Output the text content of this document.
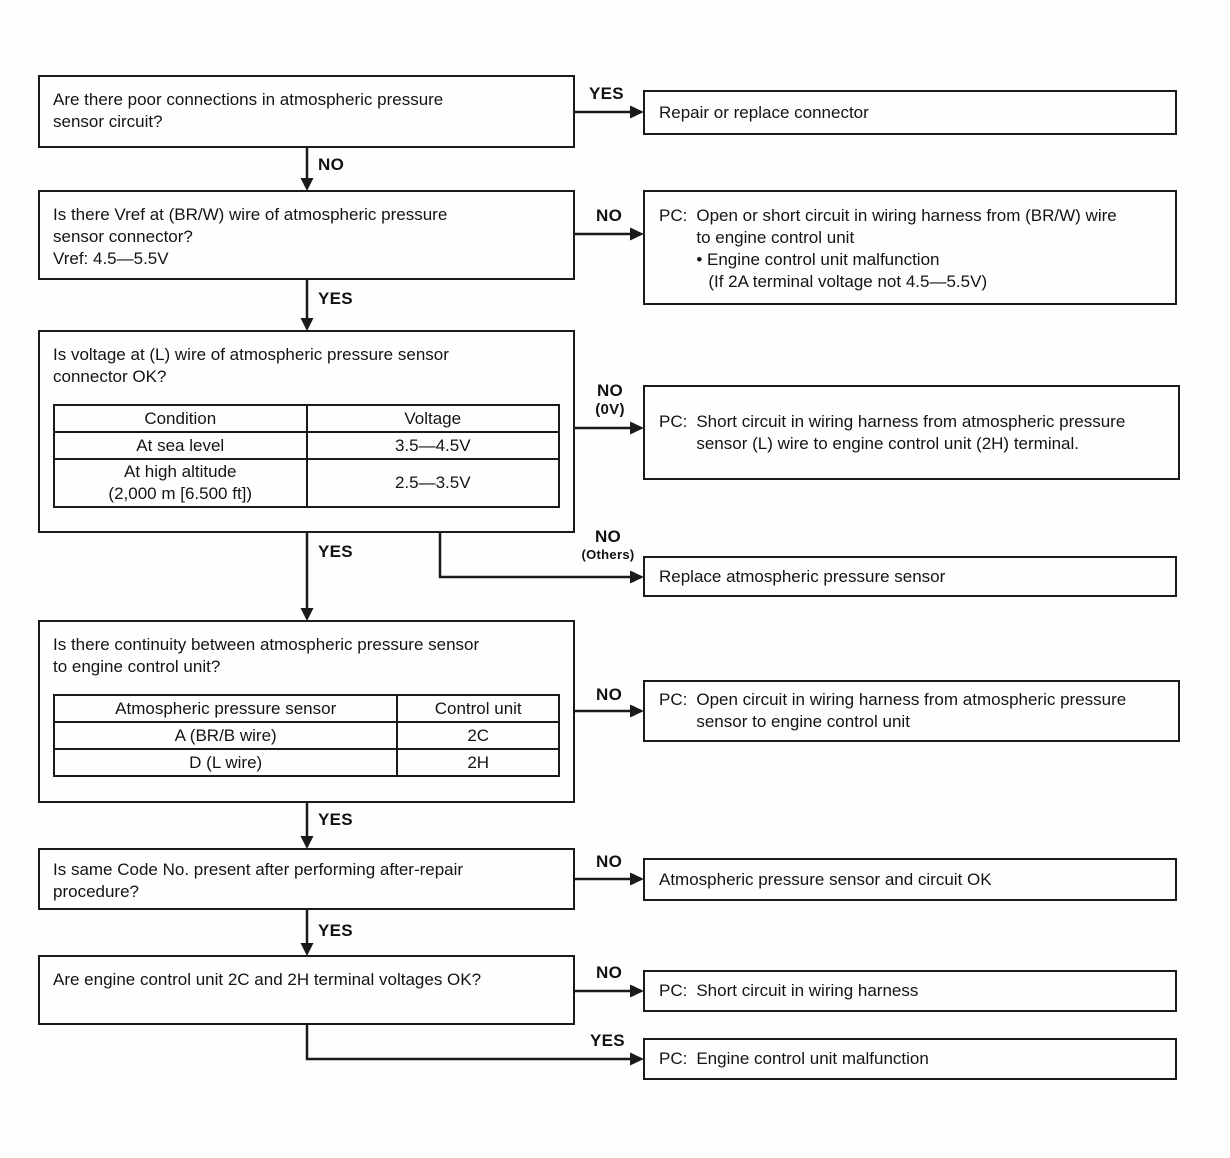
Are there poor connections in atmospheric pressure sensor circuit?
Is there Vref at (BR/W) wire of atmospheric pressure sensor connector?
Vref: 4.5—5.5V
Is voltage at (L) wire of atmospheric pressure sensor connector OK?
Condition	Voltage
At sea level	3.5—4.5V

At high altitude
(2,000 m [6.500 ft])	2.5—3.5V
Is there continuity between atmospheric pressure sensor to engine control unit?
Atmospheric pressure sensor	Control unit
A (BR/B wire)	2C
D (L wire)	2H
Is same Code No. present after performing after-repair procedure?
Are engine control unit 2C and 2H terminal voltages OK?
Repair or replace connector
PC: Open or short circuit in wiring harness from (BR/W) wire to engine control unit
• Engine control unit malfunction
(If 2A terminal voltage not 4.5—5.5V)
PC: Short circuit in wiring harness from atmospheric pressure sensor (L) wire to engine control unit (2H) terminal.
Replace atmospheric pressure sensor
PC: Open circuit in wiring harness from atmospheric pressure sensor to engine control unit
Atmospheric pressure sensor and circuit OK
PC: Short circuit in wiring harness
PC: Engine control unit malfunction
YES
NO
NO
YES
NO
(0V)
YES
NO
(Others)
NO
YES
NO
YES
NO
YES
